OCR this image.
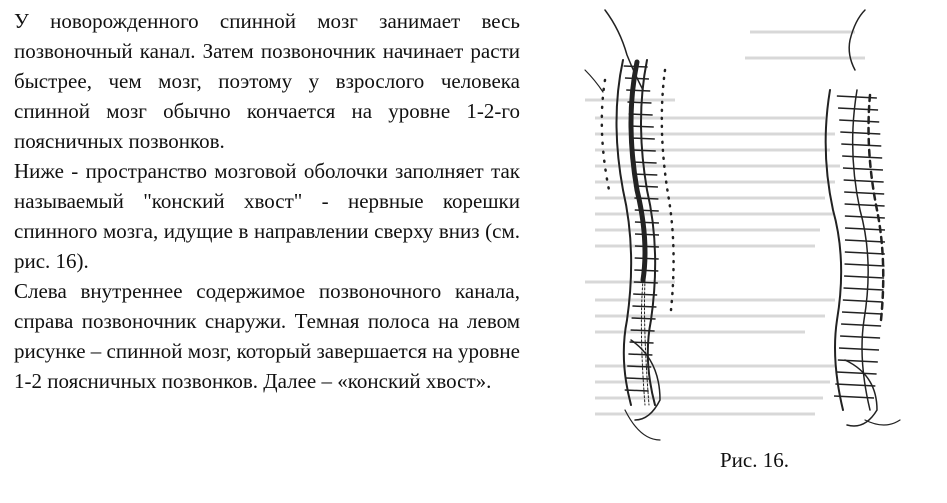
У новорожденного спинной мозг занимает весь позвоночный канал. Затем позвоночник начинает расти быстрее, чем мозг, поэтому у взрослого человека спинной мозг обычно кончается на уровне 1-2-го поясничных позвонков.

Ниже - пространство мозговой оболочки заполняет так называемый "конский хвост" - нервные корешки спинного мозга, идущие в направлении сверху вниз (см. рис. 16).

Слева внутреннее содержимое позвоночного канала, справа позвоночник снаружи. Темная полоса на левом рисунке – спинной мозг, который завершается на уровне 1-2 поясничных позвонков. Далее – «конский хвост».

Рис. 16.
